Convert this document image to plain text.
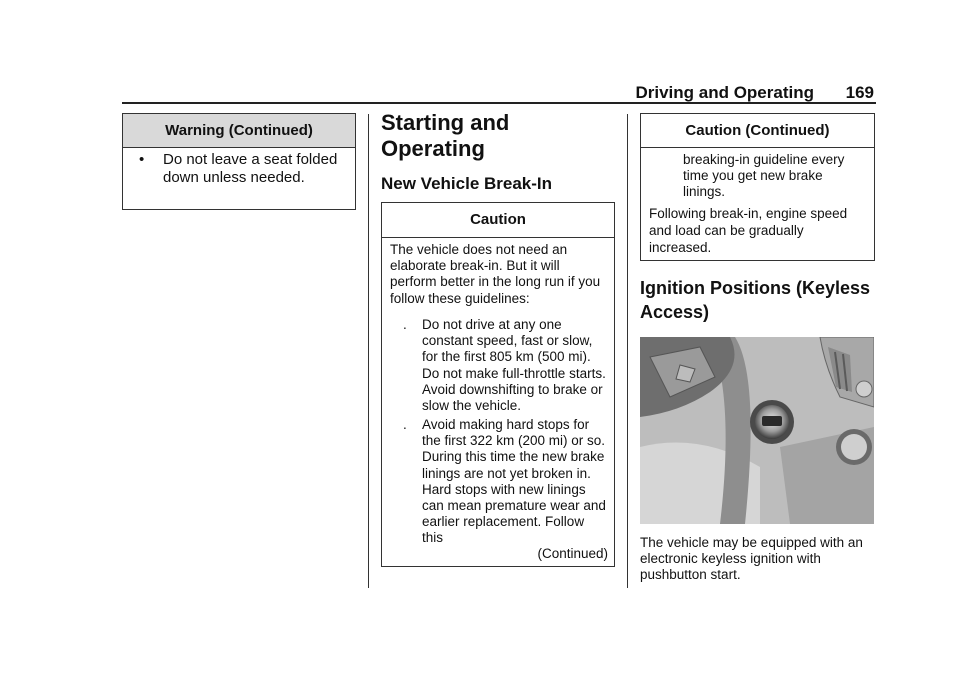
Driving and Operating 169
Warning (Continued)
• Do not leave a seat folded down unless needed.
Starting and Operating
New Vehicle Break-In
Caution
The vehicle does not need an elaborate break-in. But it will perform better in the long run if you follow these guidelines:
. Do not drive at any one constant speed, fast or slow, for the first 805 km (500 mi). Do not make full-throttle starts. Avoid downshifting to brake or slow the vehicle.
. Avoid making hard stops for the first 322 km (200 mi) or so. During this time the new brake linings are not yet broken in. Hard stops with new linings can mean premature wear and earlier replacement. Follow this
(Continued)
Caution (Continued)
breaking-in guideline every time you get new brake linings.
Following break-in, engine speed and load can be gradually increased.
Ignition Positions (Keyless Access)
The vehicle may be equipped with an electronic keyless ignition with pushbutton start.
